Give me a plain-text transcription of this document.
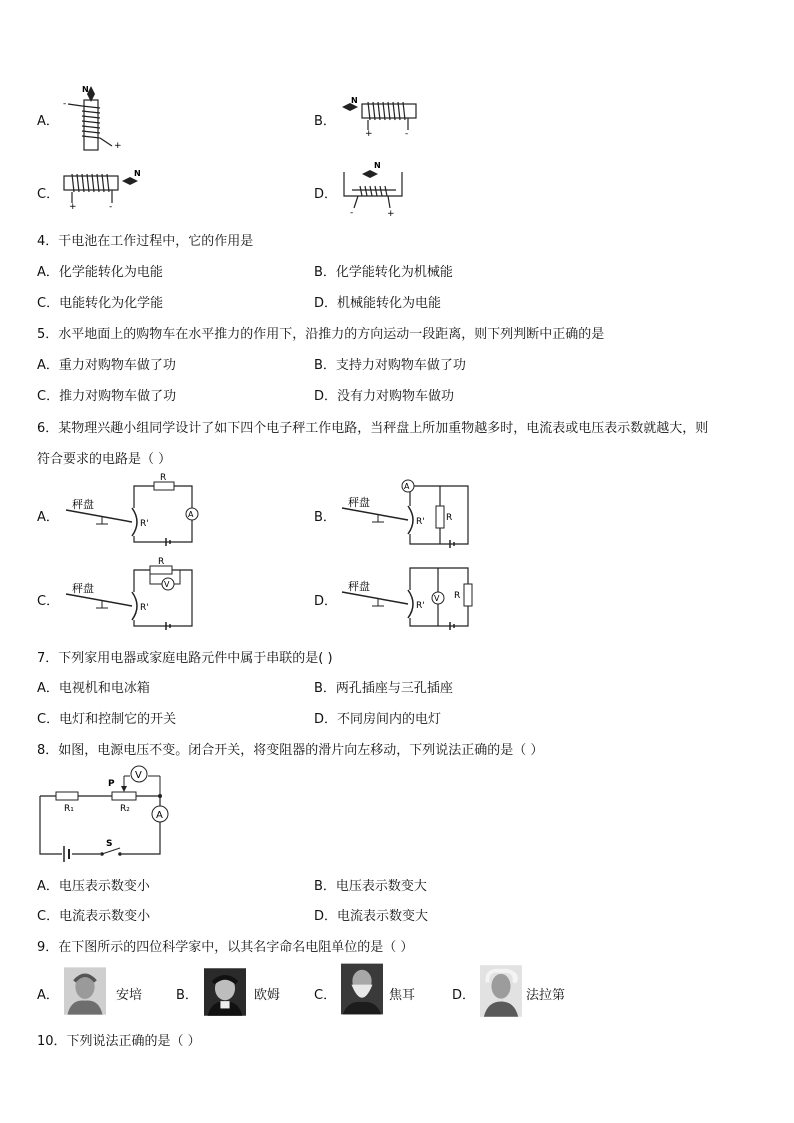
A．
N
-
+
B．
N
+	-
C．
N
+	-
D．
N
-	+
4．干电池在工作过程中，它的作用是
A．化学能转化为电能	B．化学能转化为机械能
C．电能转化为化学能	D．机械能转化为电能
5．水平地面上的购物车在水平推力的作用下，沿推力的方向运动一段距离，则下列判断中正确的是
A．重力对购物车做了功	B．支持力对购物车做了功
C．推力对购物车做了功	D．没有力对购物车做功
6．某物理兴趣小组同学设计了如下四个电子秤工作电路，当秤盘上所加重物越多时，电流表或电压表示数就越大，则
符合要求的电路是（ ）
A．
秤盘
R
R'
A	B．
秤盘
A
R
R'
C．
秤盘
R
V
R'	D．
秤盘
V R
R'
7．下列家用电器或家庭电路元件中属于串联的是( )
A．电视机和电冰箱	B．两孔插座与三孔插座
C．电灯和控制它的开关	D．不同房间内的电灯
8．如图，电源电压不变。闭合开关，将变阻器的滑片向左移动，下列说法正确的是（ ）
R₁	R₂
P
V
A
S
A．电压表示数变小	B．电压表示数变大
C．电流表示数变小	D．电流表示数变大
9．在下图所示的四位科学家中，以其名字命名电阻单位的是（ ）
A．	安培	B．	欧姆	C．	焦耳	D．	法拉第
10．下列说法正确的是（ ）
